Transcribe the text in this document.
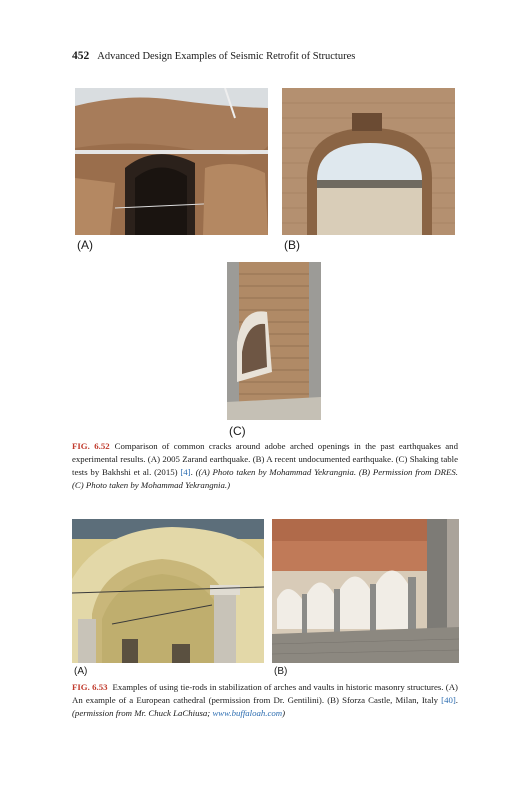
452 Advanced Design Examples of Seismic Retrofit of Structures
(A)	(B)
(C)
FIG. 6.52 Comparison of common cracks around adobe arched openings in the past earthquakes and experimental results. (A) 2005 Zarand earthquake. (B) A recent undocumented earthquake. (C) Shaking table tests by Bakhshi et al. (2015) [4]. ((A) Photo taken by Mohammad Yekrangnia. (B) Permission from DRES. (C) Photo taken by Mohammad Yekrangnia.)
(A)	(B)
FIG. 6.53 Examples of using tie-rods in stabilization of arches and vaults in historic masonry structures. (A) An example of a European cathedral (permission from Dr. Gentilini). (B) Sforza Castle, Milan, Italy [40]. (permission from Mr. Chuck LaChiusa; www.buffaloah.com)
